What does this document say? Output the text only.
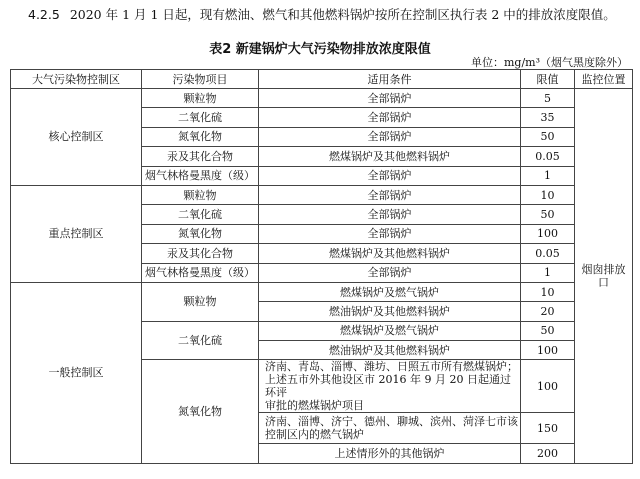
4.2.5 2020 年 1 月 1 日起，现有燃油、燃气和其他燃料锅炉按所在控制区执行表 2 中的排放浓度限值。
表2 新建锅炉大气污染物排放浓度限值
单位：mg/m³（烟气黑度除外）
大气污染物控制区	污染物项目	适用条件	限值	监控位置
核心控制区	颗粒物	全部锅炉	5	烟囱排放口
	二氧化硫	全部锅炉	35	
	氮氧化物	全部锅炉	50	
	汞及其化合物	燃煤锅炉及其他燃料锅炉	0.05	
	烟气林格曼黑度（级）	全部锅炉	1	
重点控制区	颗粒物	全部锅炉	10	
	二氧化硫	全部锅炉	50	
	氮氧化物	全部锅炉	100	
	汞及其化合物	燃煤锅炉及其他燃料锅炉	0.05	
	烟气林格曼黑度（级）	全部锅炉	1	
一般控制区	颗粒物	燃煤锅炉及燃气锅炉	10	
		燃油锅炉及其他燃料锅炉	20	
	二氧化硫	燃煤锅炉及燃气锅炉	50	
		燃油锅炉及其他燃料锅炉	100	
	氮氧化物	济南、青岛、淄博、潍坊、日照五市所有燃煤锅炉；
上述五市外其他设区市 2016 年 9 月 20 日起通过环评
审批的燃煤锅炉项目	100	

		济南、淄博、济宁、德州、聊城、滨州、菏泽七市该
控制区内的燃气锅炉	150	
		上述情形外的其他锅炉	200	
